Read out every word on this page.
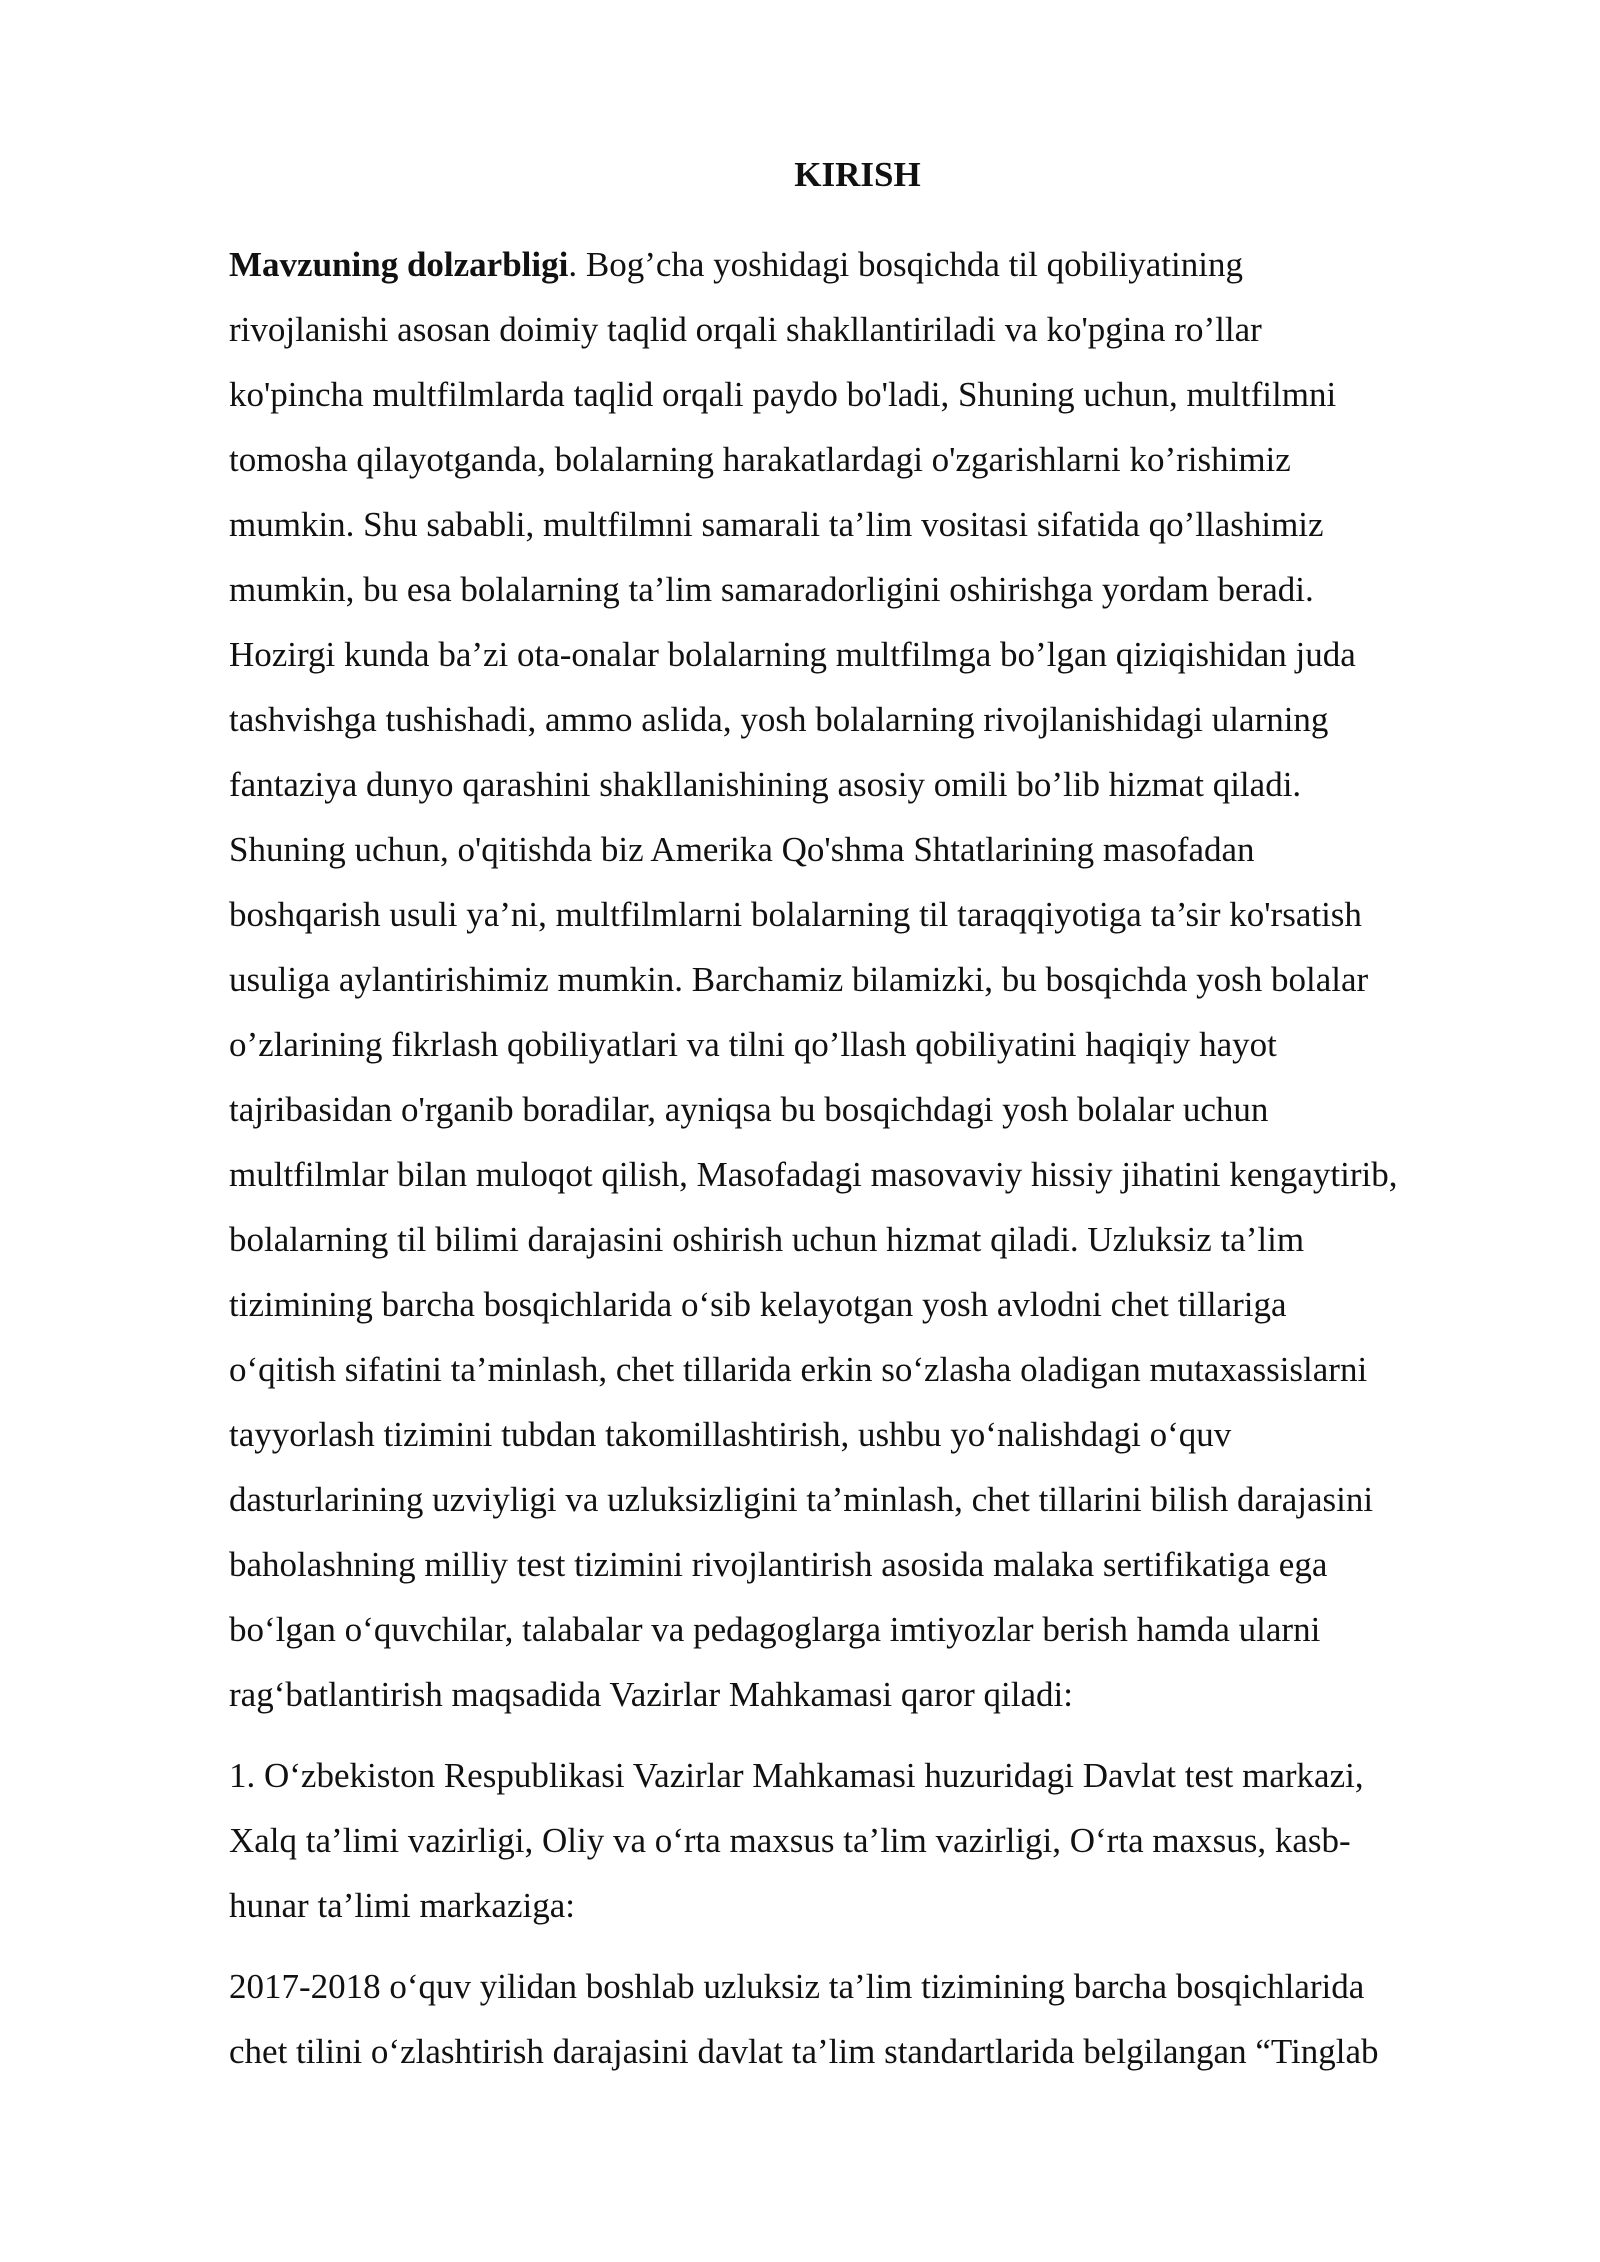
KIRISH
Mavzuning dolzarbligi. Bog’cha yoshidagi bosqichda til qobiliyatining
rivojlanishi asosan doimiy taqlid orqali shakllantiriladi va ko'pgina ro’llar
ko'pincha multfilmlarda taqlid orqali paydo bo'ladi, Shuning uchun, multfilmni
tomosha qilayotganda, bolalarning harakatlardagi o'zgarishlarni ko’rishimiz
mumkin. Shu sababli, multfilmni samarali ta’lim vositasi sifatida qo’llashimiz
mumkin, bu esa bolalarning ta’lim samaradorligini oshirishga yordam beradi.
Hozirgi kunda ba’zi ota-onalar bolalarning multfilmga bo’lgan qiziqishidan juda
tashvishga tushishadi, ammo aslida, yosh bolalarning rivojlanishidagi ularning
fantaziya dunyo qarashini shakllanishining asosiy omili bo’lib hizmat qiladi.
Shuning uchun, o'qitishda biz Amerika Qo'shma Shtatlarining masofadan
boshqarish usuli ya’ni, multfilmlarni bolalarning til taraqqiyotiga ta’sir ko'rsatish
usuliga aylantirishimiz mumkin. Barchamiz bilamizki, bu bosqichda yosh bolalar
o’zlarining fikrlash qobiliyatlari va tilni qo’llash qobiliyatini haqiqiy hayot
tajribasidan o'rganib boradilar, ayniqsa bu bosqichdagi yosh bolalar uchun
multfilmlar bilan muloqot qilish, Masofadagi masovaviy hissiy jihatini kengaytirib,
bolalarning til bilimi darajasini oshirish uchun hizmat qiladi. Uzluksiz ta’lim
tizimining barcha bosqichlarida o‘sib kelayotgan yosh avlodni chet tillariga
o‘qitish sifatini ta’minlash, chet tillarida erkin so‘zlasha oladigan mutaxassislarni
tayyorlash tizimini tubdan takomillashtirish, ushbu yo‘nalishdagi o‘quv
dasturlarining uzviyligi va uzluksizligini ta’minlash, chet tillarini bilish darajasini
baholashning milliy test tizimini rivojlantirish asosida malaka sertifikatiga ega
bo‘lgan o‘quvchilar, talabalar va pedagoglarga imtiyozlar berish hamda ularni
rag‘batlantirish maqsadida Vazirlar Mahkamasi qaror qiladi:
1. O‘zbekiston Respublikasi Vazirlar Mahkamasi huzuridagi Davlat test markazi,
Xalq ta’limi vazirligi, Oliy va o‘rta maxsus ta’lim vazirligi, O‘rta maxsus, kasb-
hunar ta’limi markaziga:
2017-2018 o‘quv yilidan boshlab uzluksiz ta’lim tizimining barcha bosqichlarida
chet tilini o‘zlashtirish darajasini davlat ta’lim standartlarida belgilangan “Tinglab
